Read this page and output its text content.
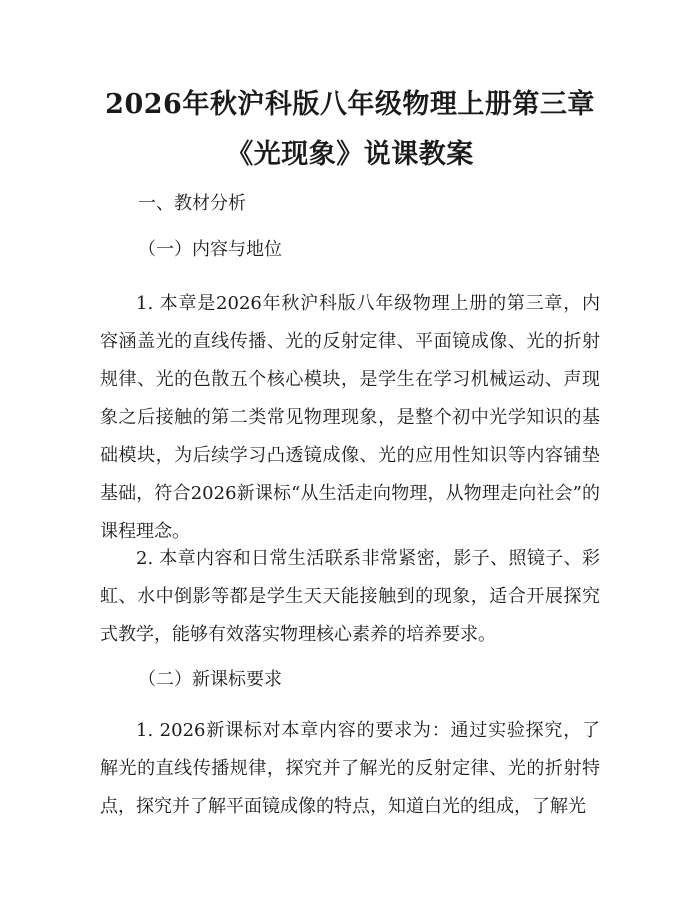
2026年秋沪科版八年级物理上册第三章《光现象》说课教案
一、教材分析
（一）内容与地位
1. 本章是2026年秋沪科版八年级物理上册的第三章，内容涵盖光的直线传播、光的反射定律、平面镜成像、光的折射规律、光的色散五个核心模块，是学生在学习机械运动、声现象之后接触的第二类常见物理现象，是整个初中光学知识的基础模块，为后续学习凸透镜成像、光的应用性知识等内容铺垫基础，符合2026新课标“从生活走向物理，从物理走向社会”的课程理念。
2. 本章内容和日常生活联系非常紧密，影子、照镜子、彩虹、水中倒影等都是学生天天能接触到的现象，适合开展探究式教学，能够有效落实物理核心素养的培养要求。
（二）新课标要求
1. 2026新课标对本章内容的要求为：通过实验探究，了解光的直线传播规律，探究并了解光的反射定律、光的折射特点，探究并了解平面镜成像的特点，知道白光的组成，了解光
